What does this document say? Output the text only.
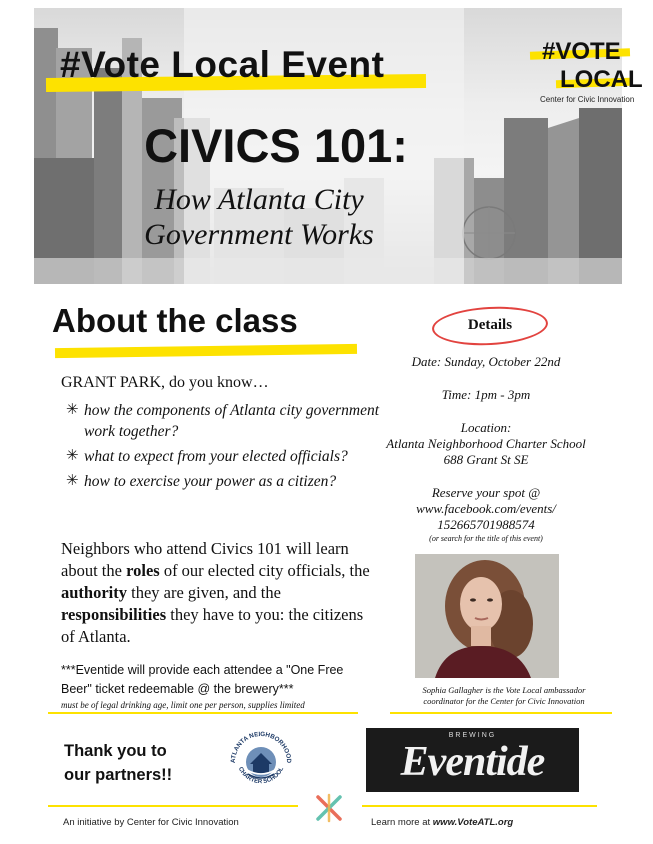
#Vote Local Event
CIVICS 101:
How Atlanta City
Government Works
#VOTE
LOCAL
Center for Civic Innovation
About the class
GRANT PARK, do you know…
✳ how the components of Atlanta city government work together?
✳ what to expect from your elected officials?
✳ how to exercise your power as a citizen?

Neighbors who attend Civics 101 will learn about the roles of our elected city officials, the authority they are given, and the responsibilities they have to you: the citizens of Atlanta.

***Eventide will provide each attendee a "One Free Beer" ticket redeemable @ the brewery***
must be of legal drinking age, limit one per person, supplies limited
Details
Date: Sunday, October 22nd
Time: 1pm - 3pm
Location:
Atlanta Neighborhood Charter School
688 Grant St SE
Reserve your spot @
www.facebook.com/events/
152665701988574
(or search for the title of this event)
Sophia Gallagher is the Vote Local ambassador
coordinator for the Center for Civic Innovation
Thank you to
our partners!!
ATLANTA NEIGHBORHOOD
CHARTER SCHOOL
BREWING
Eventide
An initiative by Center for Civic Innovation	Learn more at www.VoteATL.org
